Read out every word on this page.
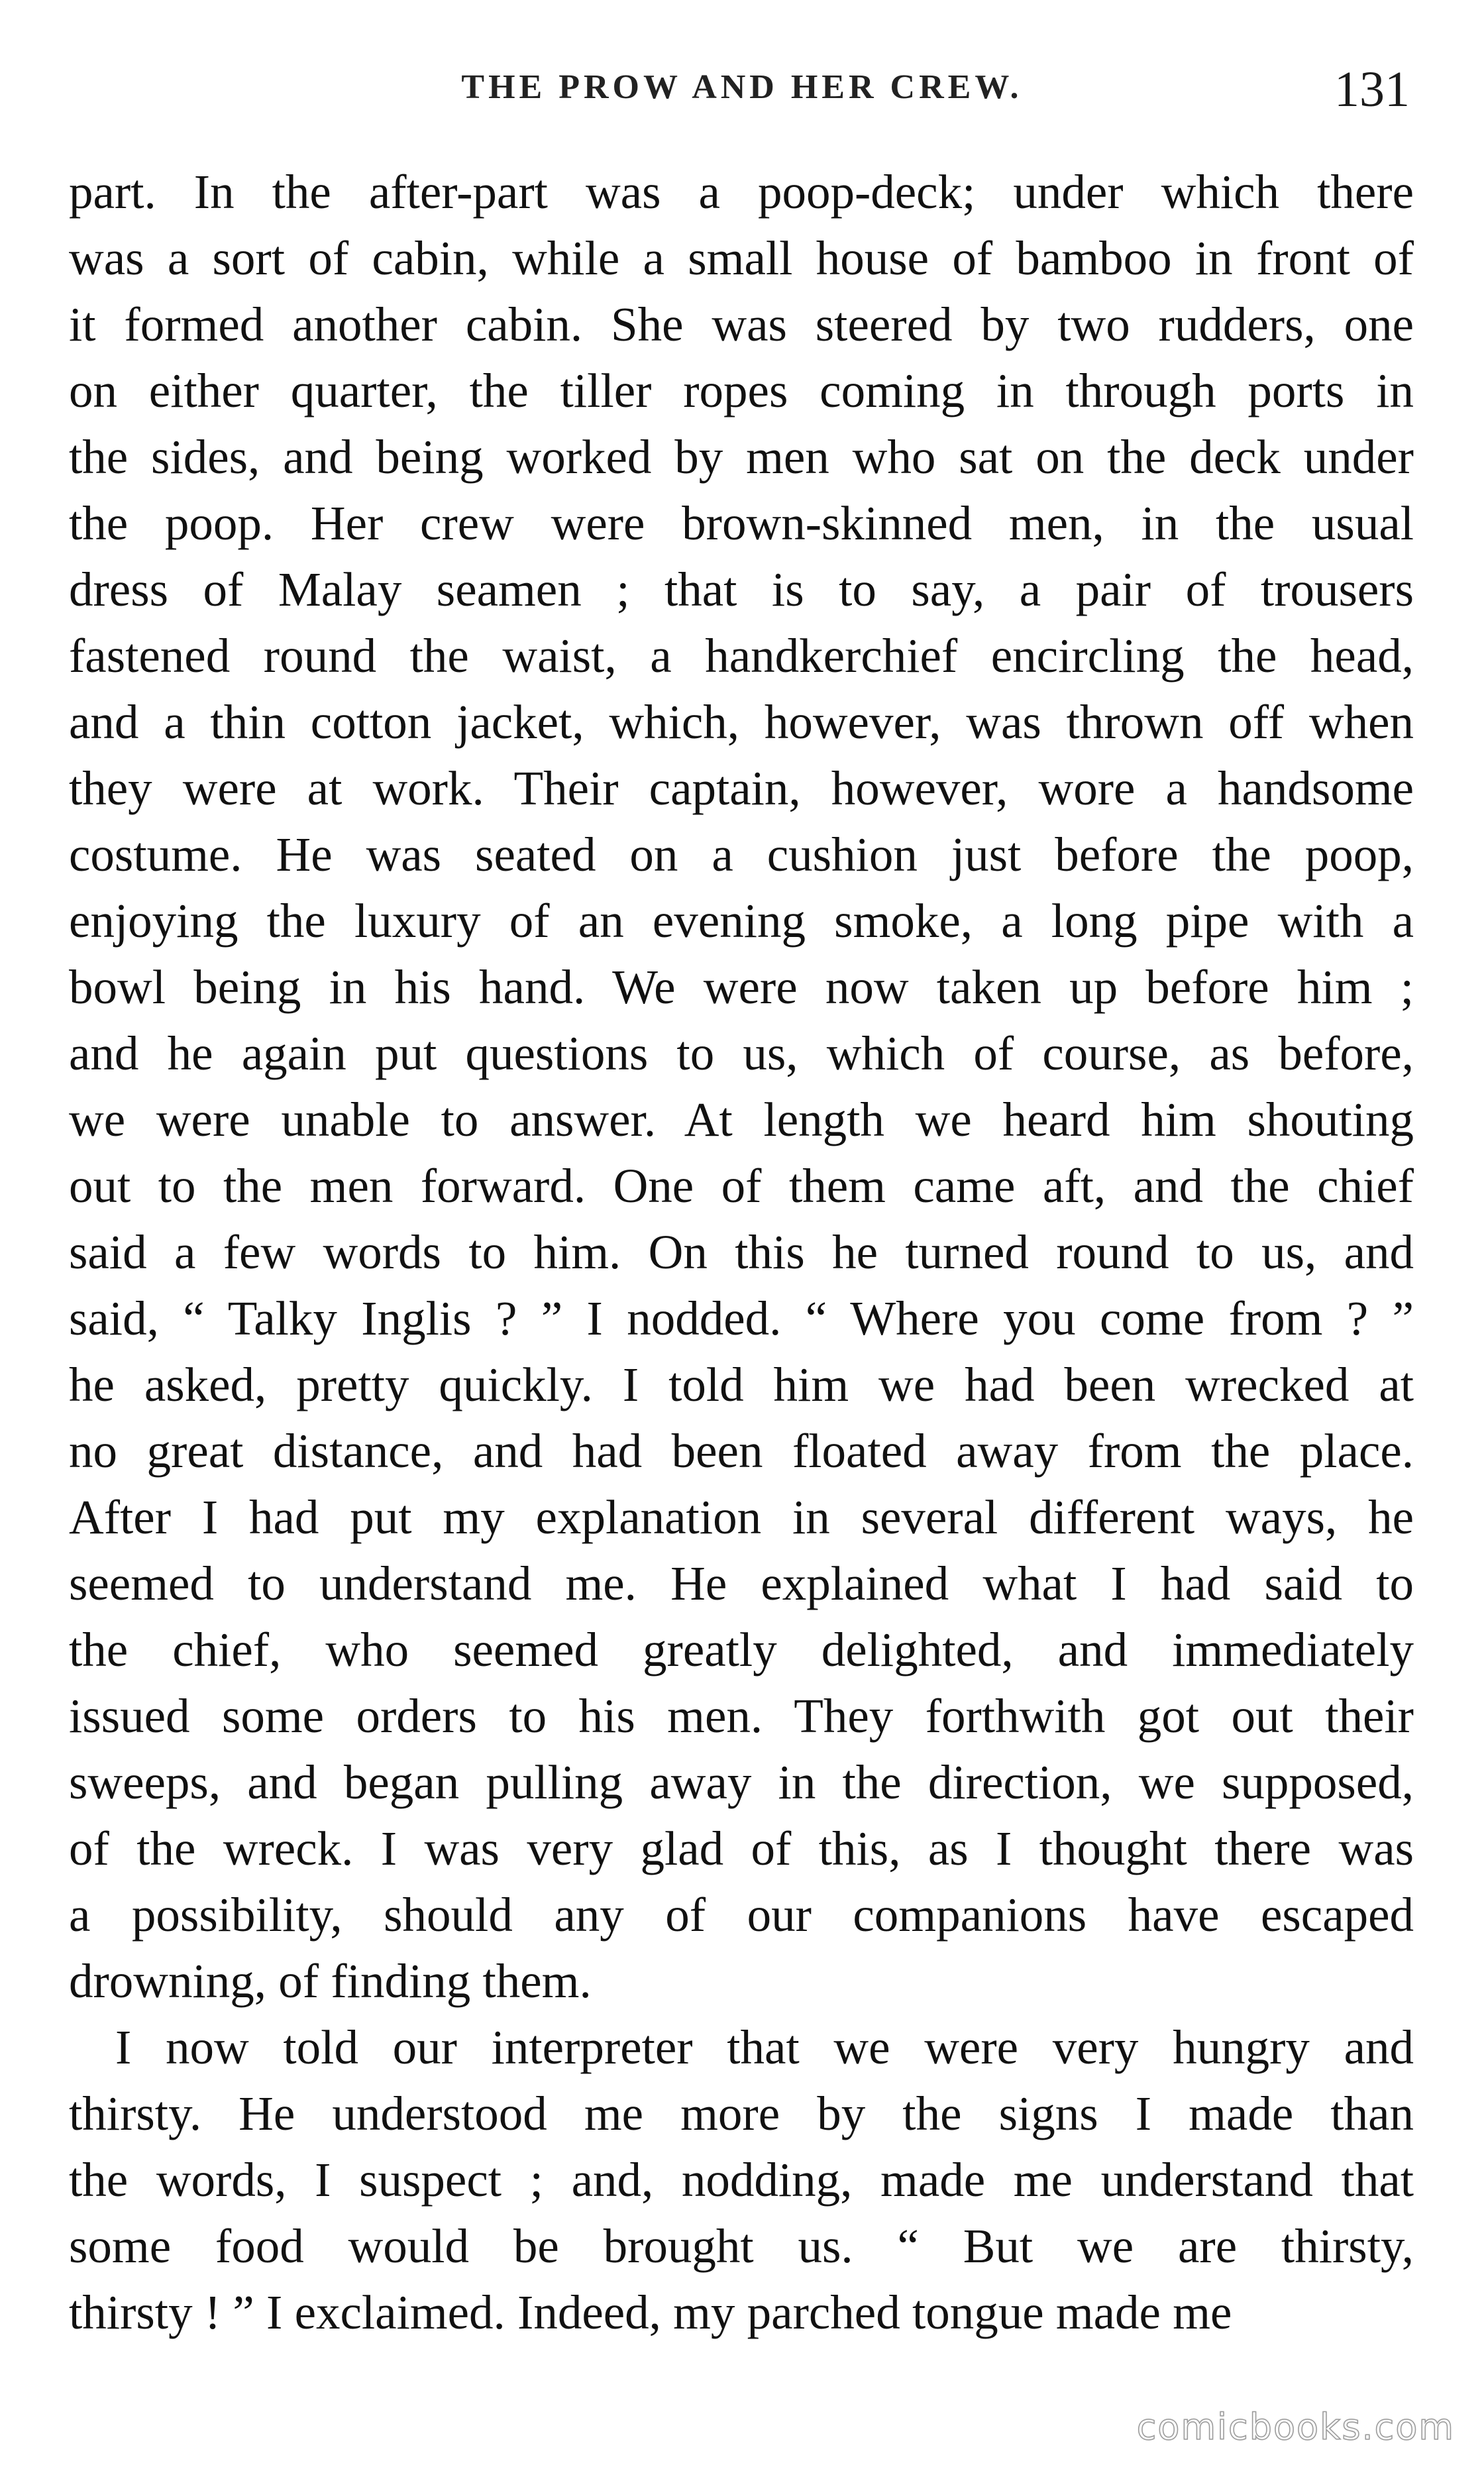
THE PROW AND HER CREW.	131

part. In the after-part was a poop-deck; under which there
was a sort of cabin, while a small house of bamboo in front of
it formed another cabin. She was steered by two rudders, one
on either quarter, the tiller ropes coming in through ports in
the sides, and being worked by men who sat on the deck under
the poop. Her crew were brown-skinned men, in the usual
dress of Malay seamen ; that is to say, a pair of trousers
fastened round the waist, a handkerchief encircling the head,
and a thin cotton jacket, which, however, was thrown off when
they were at work. Their captain, however, wore a handsome
costume. He was seated on a cushion just before the poop,
enjoying the luxury of an evening smoke, a long pipe with a
bowl being in his hand. We were now taken up before him ;
and he again put questions to us, which of course, as before,
we were unable to answer. At length we heard him shouting
out to the men forward. One of them came aft, and the chief
said a few words to him. On this he turned round to us, and
said, “ Talky Inglis ? ” I nodded. “ Where you come from ? ”
he asked, pretty quickly. I told him we had been wrecked at
no great distance, and had been floated away from the place.
After I had put my explanation in several different ways, he
seemed to understand me. He explained what I had said to
the chief, who seemed greatly delighted, and immediately
issued some orders to his men. They forthwith got out their
sweeps, and began pulling away in the direction, we supposed,
of the wreck. I was very glad of this, as I thought there was
a possibility, should any of our companions have escaped
drowning, of finding them.

I now told our interpreter that we were very hungry and
thirsty. He understood me more by the signs I made than
the words, I suspect ; and, nodding, made me understand that
some food would be brought us. “ But we are thirsty,
thirsty ! ” I exclaimed. Indeed, my parched tongue made me

comicbooks.com
